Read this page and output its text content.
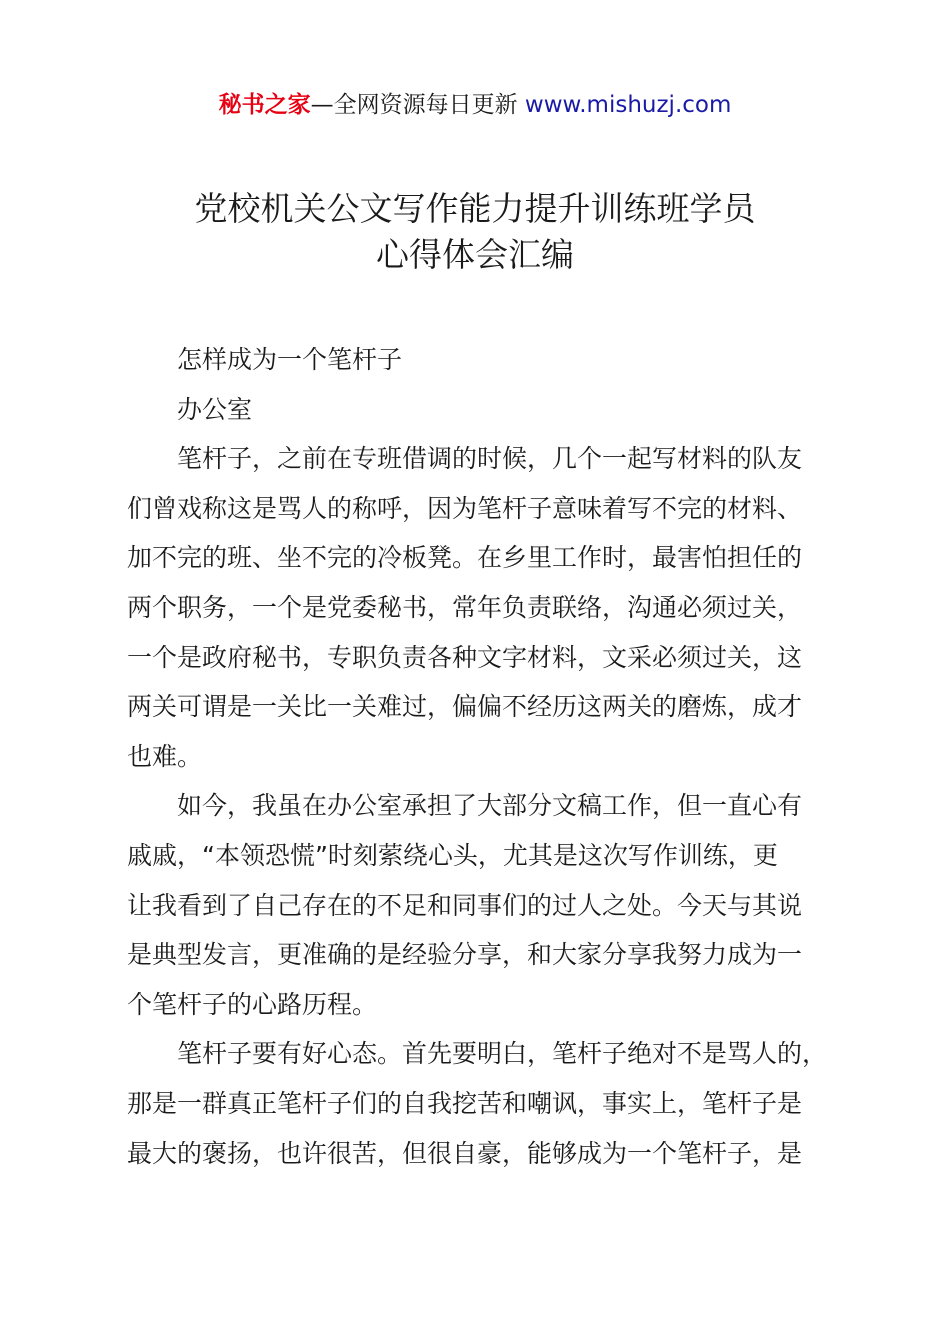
秘书之家—全网资源每日更新 www.mishuzj.com
党校机关公文写作能力提升训练班学员
心得体会汇编
怎样成为一个笔杆子
办公室
笔杆子，之前在专班借调的时候，几个一起写材料的队友
们曾戏称这是骂人的称呼，因为笔杆子意味着写不完的材料、
加不完的班、坐不完的冷板凳。在乡里工作时，最害怕担任的
两个职务，一个是党委秘书，常年负责联络，沟通必须过关，
一个是政府秘书，专职负责各种文字材料，文采必须过关，这
两关可谓是一关比一关难过，偏偏不经历这两关的磨炼，成才
也难。
如今，我虽在办公室承担了大部分文稿工作，但一直心有
戚戚，“本领恐慌”时刻萦绕心头，尤其是这次写作训练，更
让我看到了自己存在的不足和同事们的过人之处。今天与其说
是典型发言，更准确的是经验分享，和大家分享我努力成为一
个笔杆子的心路历程。
笔杆子要有好心态。首先要明白，笔杆子绝对不是骂人的，
那是一群真正笔杆子们的自我挖苦和嘲讽，事实上，笔杆子是
最大的褒扬，也许很苦，但很自豪，能够成为一个笔杆子，是
